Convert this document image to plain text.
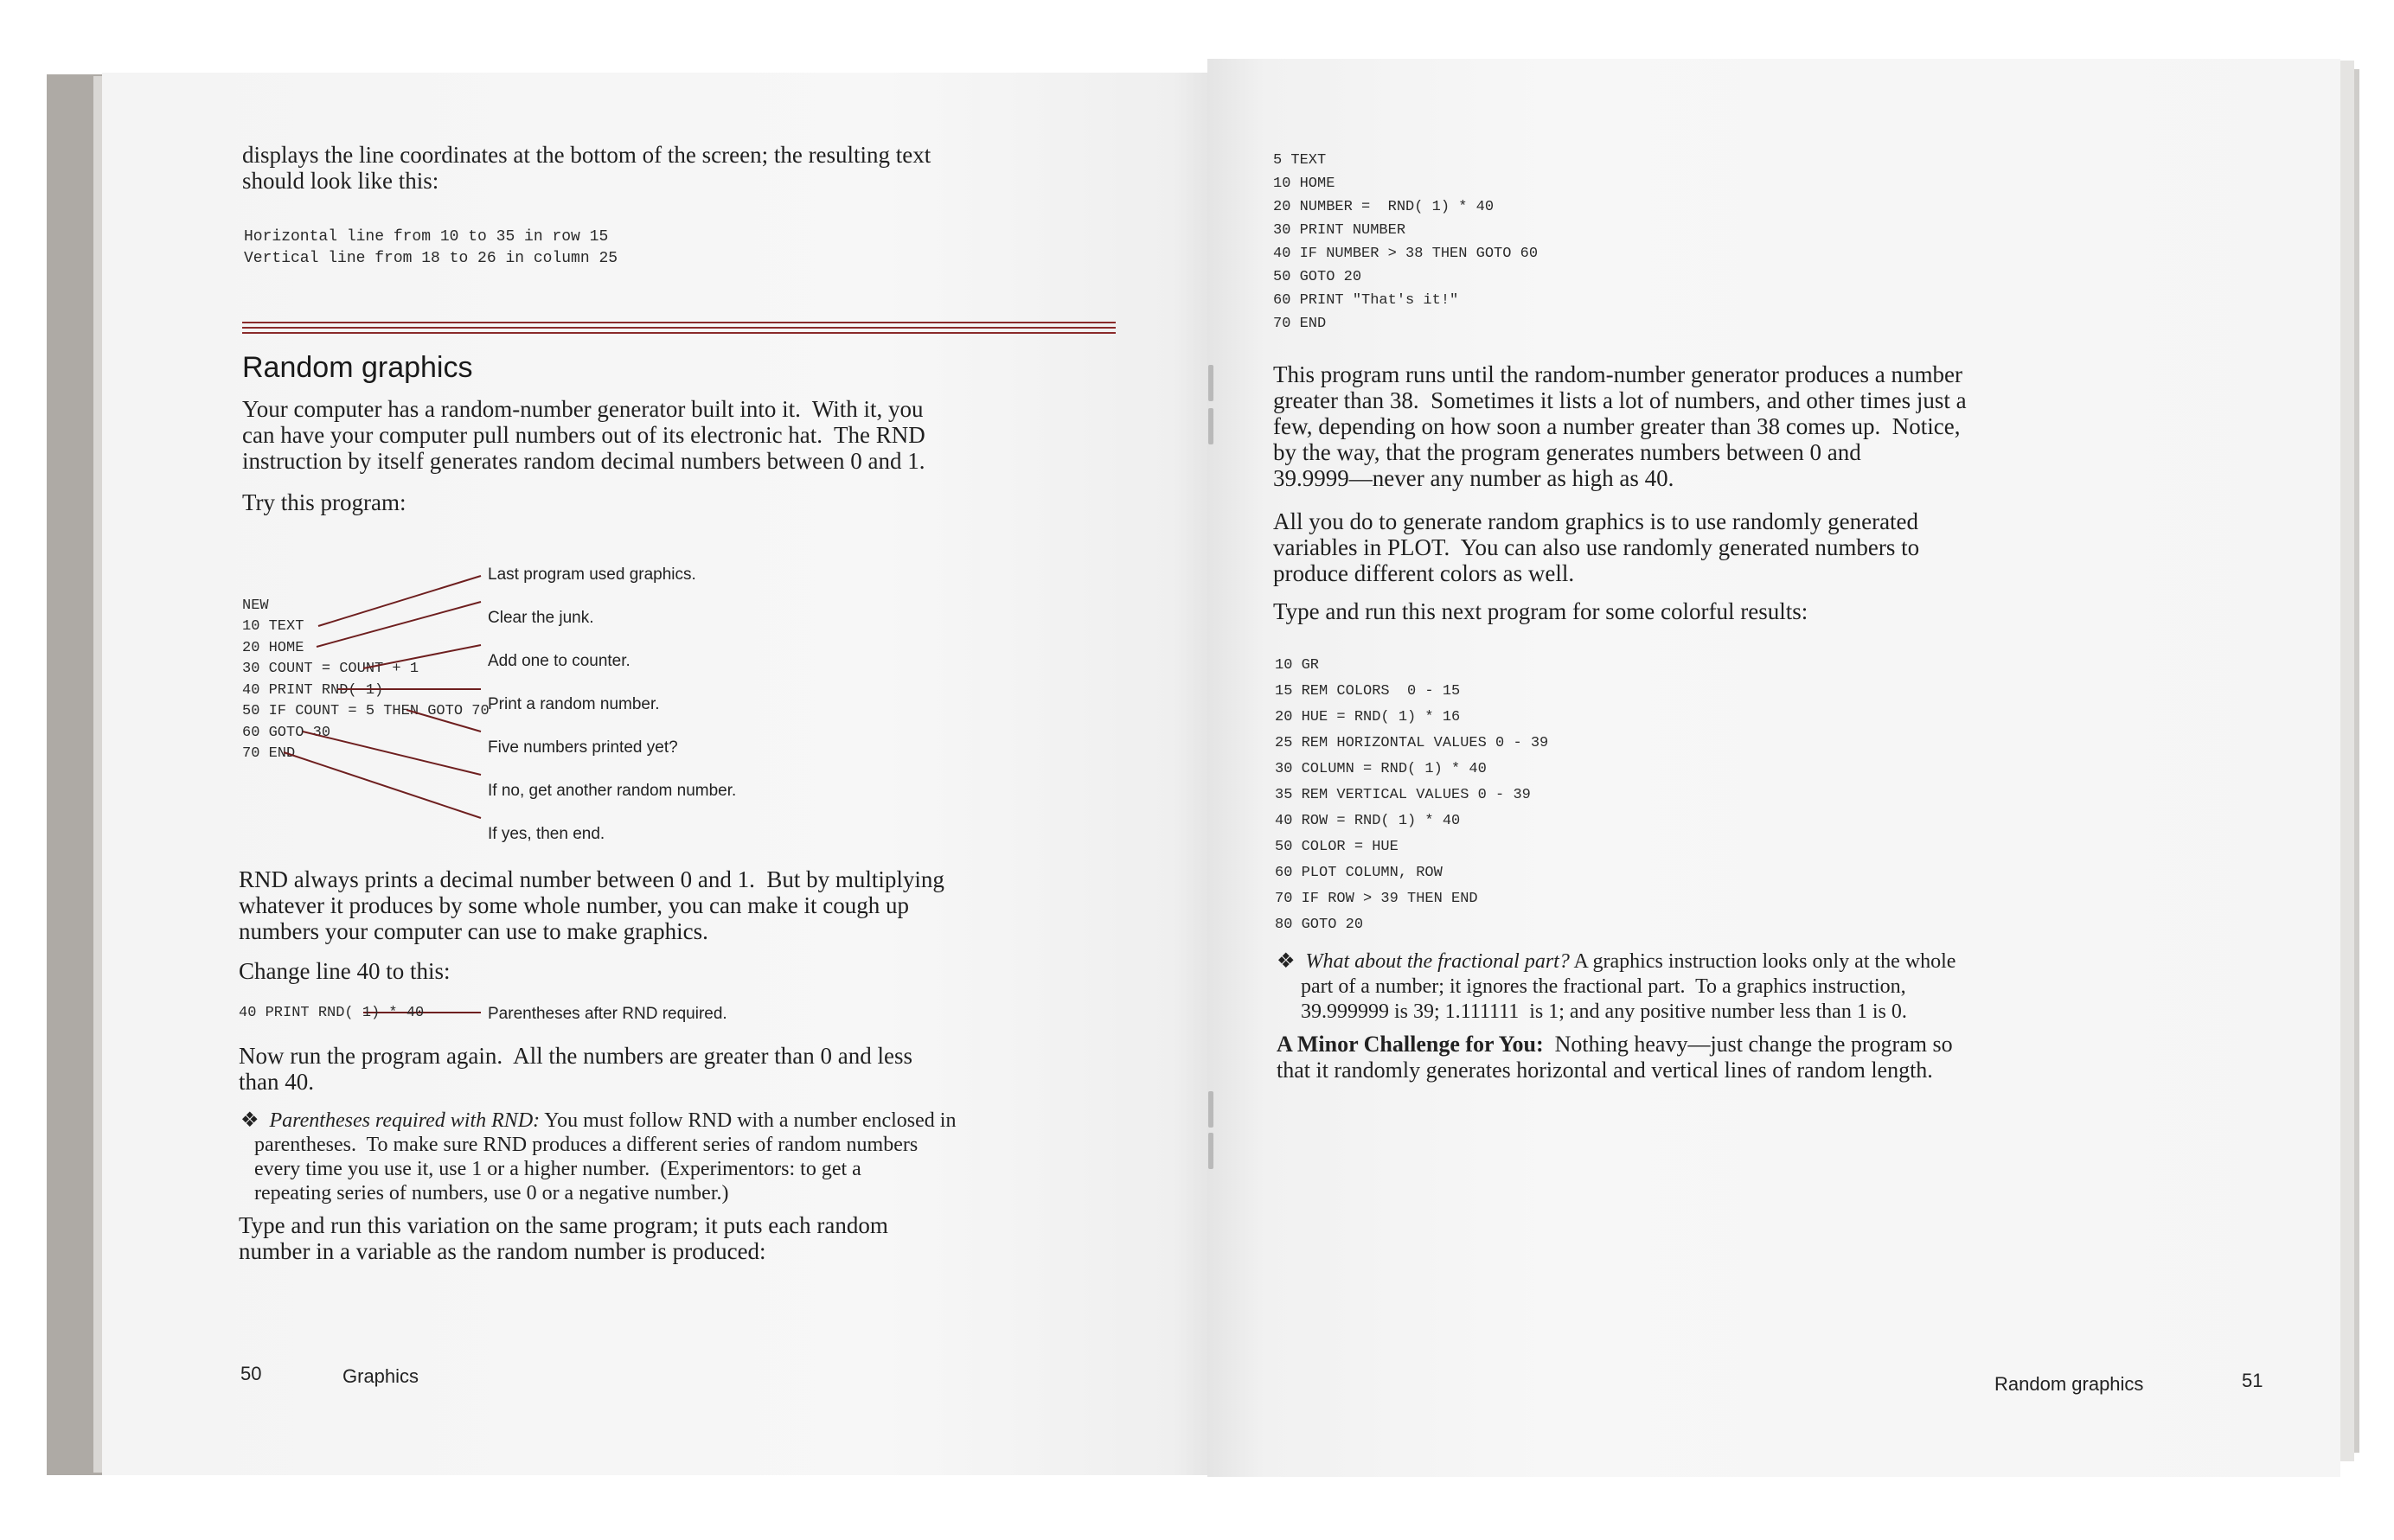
displays the line coordinates at the bottom of the screen; the resulting text
should look like this:
Horizontal line from 10 to 35 in row 15
Vertical line from 18 to 26 in column 25
Random graphics
Your computer has a random-number generator built into it.  With it, you
can have your computer pull numbers out of its electronic hat.  The RND
instruction by itself generates random decimal numbers between 0 and 1.
Try this program:
NEW
10 TEXT
20 HOME
30 COUNT = COUNT + 1
40 PRINT RND( 1)
50 IF COUNT = 5 THEN GOTO 70
60 GOTO 30
70 END
Last program used graphics.
Clear the junk.
Add one to counter.
Print a random number.
Five numbers printed yet?
If no, get another random number.
If yes, then end.
RND always prints a decimal number between 0 and 1.  But by multiplying
whatever it produces by some whole number, you can make it cough up
numbers your computer can use to make graphics.
Change line 40 to this:
40 PRINT RND( 1) * 40	Parentheses after RND required.
Now run the program again.  All the numbers are greater than 0 and less
than 40.
❖ Parentheses required with RND: You must follow RND with a number enclosed in
parentheses.  To make sure RND produces a different series of random numbers
every time you use it, use 1 or a higher number.  (Experimentors: to get a
repeating series of numbers, use 0 or a negative number.)
Type and run this variation on the same program; it puts each random
number in a variable as the random number is produced:
50	Graphics
5 TEXT
10 HOME
20 NUMBER =  RND( 1) * 40
30 PRINT NUMBER
40 IF NUMBER > 38 THEN GOTO 60
50 GOTO 20
60 PRINT "That's it!"
70 END
This program runs until the random-number generator produces a number
greater than 38.  Sometimes it lists a lot of numbers, and other times just a
few, depending on how soon a number greater than 38 comes up.  Notice,
by the way, that the program generates numbers between 0 and
39.9999—never any number as high as 40.
All you do to generate random graphics is to use randomly generated
variables in PLOT.  You can also use randomly generated numbers to
produce different colors as well.
Type and run this next program for some colorful results:
10 GR
15 REM COLORS  0 - 15
20 HUE = RND( 1) * 16
25 REM HORIZONTAL VALUES 0 - 39
30 COLUMN = RND( 1) * 40
35 REM VERTICAL VALUES 0 - 39
40 ROW = RND( 1) * 40
50 COLOR = HUE
60 PLOT COLUMN, ROW
70 IF ROW > 39 THEN END
80 GOTO 20
❖ What about the fractional part? A graphics instruction looks only at the whole
part of a number; it ignores the fractional part.  To a graphics instruction,
39.999999 is 39; 1.111111  is 1; and any positive number less than 1 is 0.
A Minor Challenge for You:  Nothing heavy—just change the program so
that it randomly generates horizontal and vertical lines of random length.
Random graphics	51
